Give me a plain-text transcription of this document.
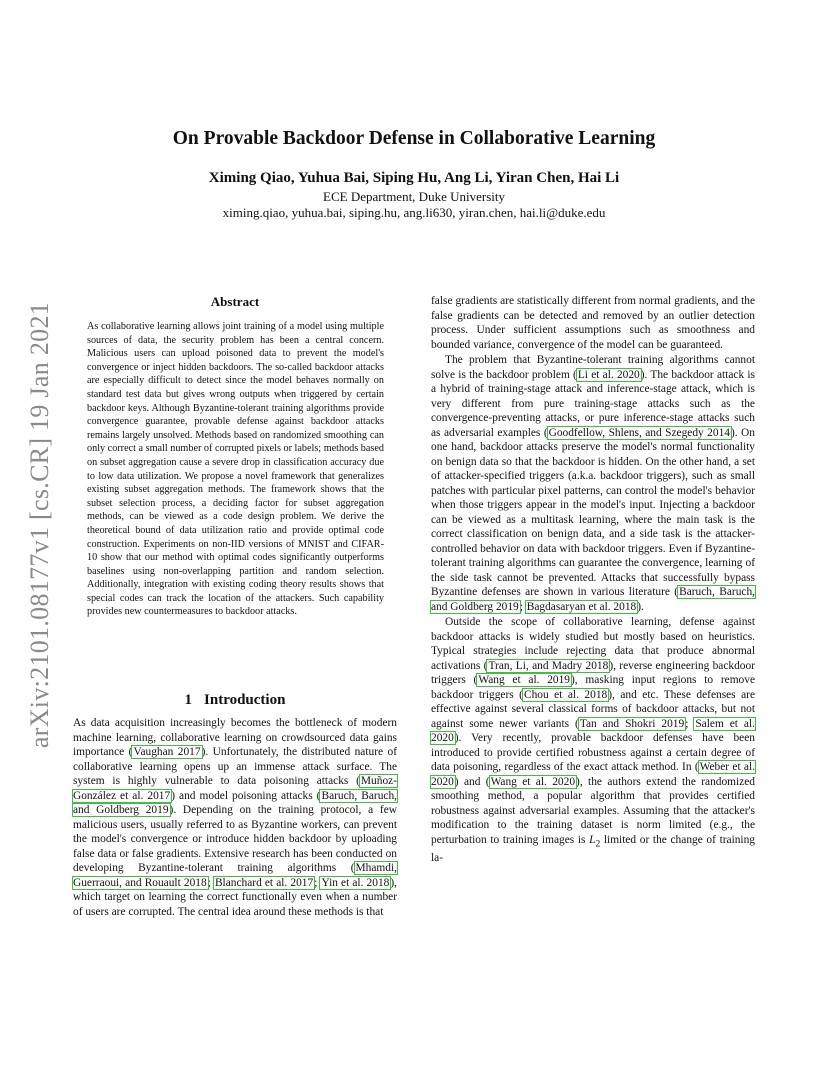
arXiv:2101.08177v1 [cs.CR] 19 Jan 2021
On Provable Backdoor Defense in Collaborative Learning
Ximing Qiao, Yuhua Bai, Siping Hu, Ang Li, Yiran Chen, Hai Li
ECE Department, Duke University
ximing.qiao, yuhua.bai, siping.hu, ang.li630, yiran.chen, hai.li@duke.edu
Abstract
As collaborative learning allows joint training of a model using multiple sources of data, the security problem has been a central concern. Malicious users can upload poisoned data to prevent the model's convergence or inject hidden backdoors. The so-called backdoor attacks are especially difficult to detect since the model behaves normally on standard test data but gives wrong outputs when triggered by certain backdoor keys. Although Byzantine-tolerant training algorithms provide convergence guarantee, provable defense against backdoor attacks remains largely unsolved. Methods based on randomized smoothing can only correct a small number of corrupted pixels or labels; methods based on subset aggregation cause a severe drop in classification accuracy due to low data utilization. We propose a novel framework that generalizes existing subset aggregation methods. The framework shows that the subset selection process, a deciding factor for subset aggregation methods, can be viewed as a code design problem. We derive the theoretical bound of data utilization ratio and provide optimal code construction. Experiments on non-IID versions of MNIST and CIFAR-10 show that our method with optimal codes significantly outperforms baselines using non-overlapping partition and random selection. Additionally, integration with existing coding theory results shows that special codes can track the location of the attackers. Such capability provides new countermeasures to backdoor attacks.
1 Introduction
As data acquisition increasingly becomes the bottleneck of modern machine learning, collaborative learning on crowdsourced data gains importance (Vaughan 2017). Unfortunately, the distributed nature of collaborative learning opens up an immense attack surface. The system is highly vulnerable to data poisoning attacks (Muñoz-González et al. 2017) and model poisoning attacks (Baruch, Baruch, and Goldberg 2019). Depending on the training protocol, a few malicious users, usually referred to as Byzantine workers, can prevent the model's convergence or introduce hidden backdoor by uploading false data or false gradients. Extensive research has been conducted on developing Byzantine-tolerant training algorithms (Mhamdi, Guerraoui, and Rouault 2018; Blanchard et al. 2017; Yin et al. 2018), which target on learning the correct functionally even when a number of users are corrupted. The central idea around these methods is that

false gradients are statistically different from normal gradients, and the false gradients can be detected and removed by an outlier detection process. Under sufficient assumptions such as smoothness and bounded variance, convergence of the model can be guaranteed.

The problem that Byzantine-tolerant training algorithms cannot solve is the backdoor problem (Li et al. 2020). The backdoor attack is a hybrid of training-stage attack and inference-stage attack, which is very different from pure training-stage attacks such as the convergence-preventing attacks, or pure inference-stage attacks such as adversarial examples (Goodfellow, Shlens, and Szegedy 2014). On one hand, backdoor attacks preserve the model's normal functionality on benign data so that the backdoor is hidden. On the other hand, a set of attacker-specified triggers (a.k.a. backdoor triggers), such as small patches with particular pixel patterns, can control the model's behavior when those triggers appear in the model's input. Injecting a backdoor can be viewed as a multitask learning, where the main task is the correct classification on benign data, and a side task is the attacker-controlled behavior on data with backdoor triggers. Even if Byzantine-tolerant training algorithms can guarantee the convergence, learning of the side task cannot be prevented. Attacks that successfully bypass Byzantine defenses are shown in various literature (Baruch, Baruch, and Goldberg 2019; Bagdasaryan et al. 2018).

Outside the scope of collaborative learning, defense against backdoor attacks is widely studied but mostly based on heuristics. Typical strategies include rejecting data that produce abnormal activations (Tran, Li, and Madry 2018), reverse engineering backdoor triggers (Wang et al. 2019), masking input regions to remove backdoor triggers (Chou et al. 2018), and etc. These defenses are effective against several classical forms of backdoor attacks, but not against some newer variants (Tan and Shokri 2019; Salem et al. 2020). Very recently, provable backdoor defenses have been introduced to provide certified robustness against a certain degree of data poisoning, regardless of the exact attack method. In (Weber et al. 2020) and (Wang et al. 2020), the authors extend the randomized smoothing method, a popular algorithm that provides certified robustness against adversarial examples. Assuming that the attacker's modification to the training dataset is norm limited (e.g., the perturbation to training images is $L_2$ limited or the change of training la-
